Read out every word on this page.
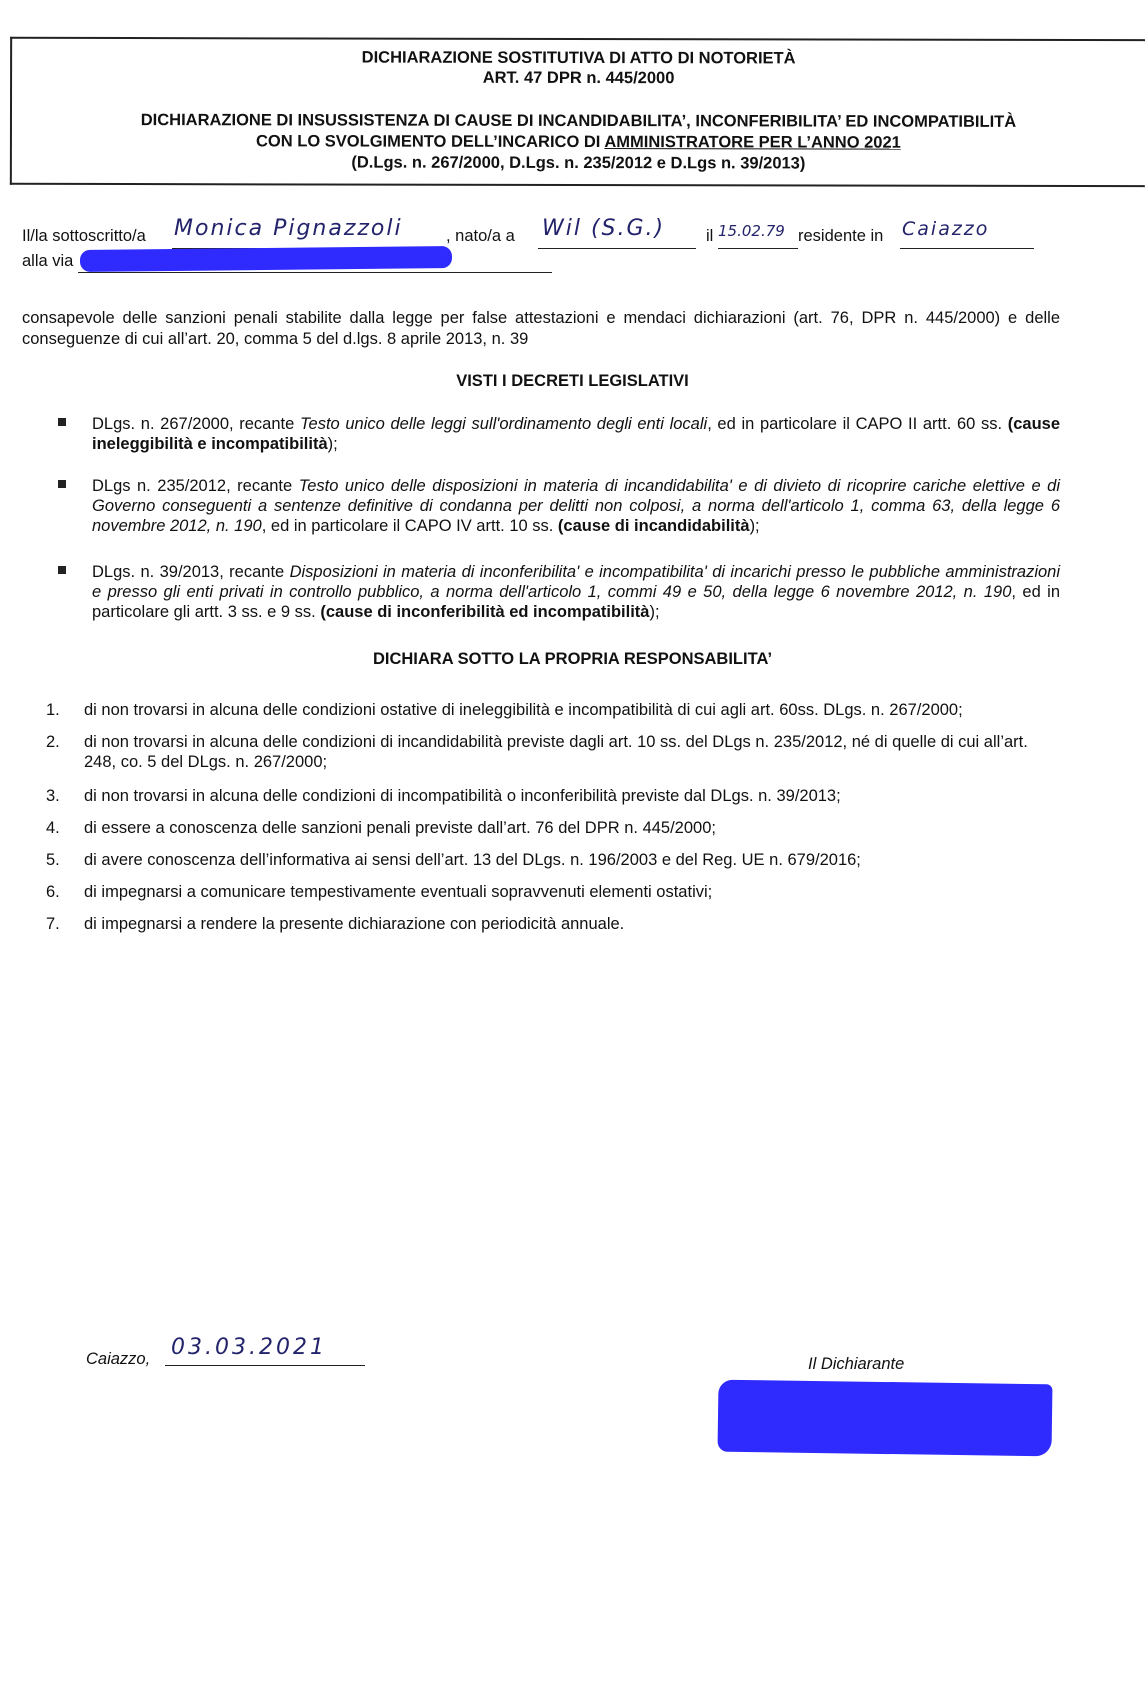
DICHIARAZIONE SOSTITUTIVA DI ATTO DI NOTORIETÀ
ART. 47 DPR n. 445/2000
DICHIARAZIONE DI INSUSSISTENZA DI CAUSE DI INCANDIDABILITA’, INCONFERIBILITA’ ED INCOMPATIBILITÀ
CON LO SVOLGIMENTO DELL’INCARICO DI AMMINISTRATORE PER L’ANNO 2021
(D.Lgs. n. 267/2000, D.Lgs. n. 235/2012 e D.Lgs n. 39/2013)
Il/la sottoscritto/a Monica Pignazzoli	, nato/a a Wil (S.G.) il 15.02.79 residente in Caiazzo
alla via
consapevole delle sanzioni penali stabilite dalla legge per false attestazioni e mendaci dichiarazioni (art. 76, DPR n. 445/2000) e delle conseguenze di cui all’art. 20, comma 5 del d.lgs. 8 aprile 2013, n. 39
VISTI I DECRETI LEGISLATIVI
DLgs. n. 267/2000, recante Testo unico delle leggi sull'ordinamento degli enti locali, ed in particolare il CAPO II artt. 60 ss. (cause ineleggibilità e incompatibilità);
DLgs n. 235/2012, recante Testo unico delle disposizioni in materia di incandidabilita' e di divieto di ricoprire cariche elettive e di Governo conseguenti a sentenze definitive di condanna per delitti non colposi, a norma dell'articolo 1, comma 63, della legge 6 novembre 2012, n. 190, ed in particolare il CAPO IV artt. 10 ss. (cause di incandidabilità);
DLgs. n. 39/2013, recante Disposizioni in materia di inconferibilita' e incompatibilita' di incarichi presso le pubbliche amministrazioni e presso gli enti privati in controllo pubblico, a norma dell'articolo 1, commi 49 e 50, della legge 6 novembre 2012, n. 190, ed in particolare gli artt. 3 ss. e 9 ss. (cause di inconferibilità ed incompatibilità);
DICHIARA SOTTO LA PROPRIA RESPONSABILITA’
1. di non trovarsi in alcuna delle condizioni ostative di ineleggibilità e incompatibilità di cui agli art. 60ss. DLgs. n. 267/2000;
2. di non trovarsi in alcuna delle condizioni di incandidabilità previste dagli art. 10 ss. del DLgs n. 235/2012, né di quelle di cui all’art. 248, co. 5 del DLgs. n. 267/2000;
3. di non trovarsi in alcuna delle condizioni di incompatibilità o inconferibilità previste dal DLgs. n. 39/2013;
4. di essere a conoscenza delle sanzioni penali previste dall’art. 76 del DPR n. 445/2000;
5. di avere conoscenza dell’informativa ai sensi dell’art. 13 del DLgs. n. 196/2003 e del Reg. UE n. 679/2016;
6. di impegnarsi a comunicare tempestivamente eventuali sopravvenuti elementi ostativi;
7. di impegnarsi a rendere la presente dichiarazione con periodicità annuale.
Caiazzo, 03.03.2021
Il Dichiarante
